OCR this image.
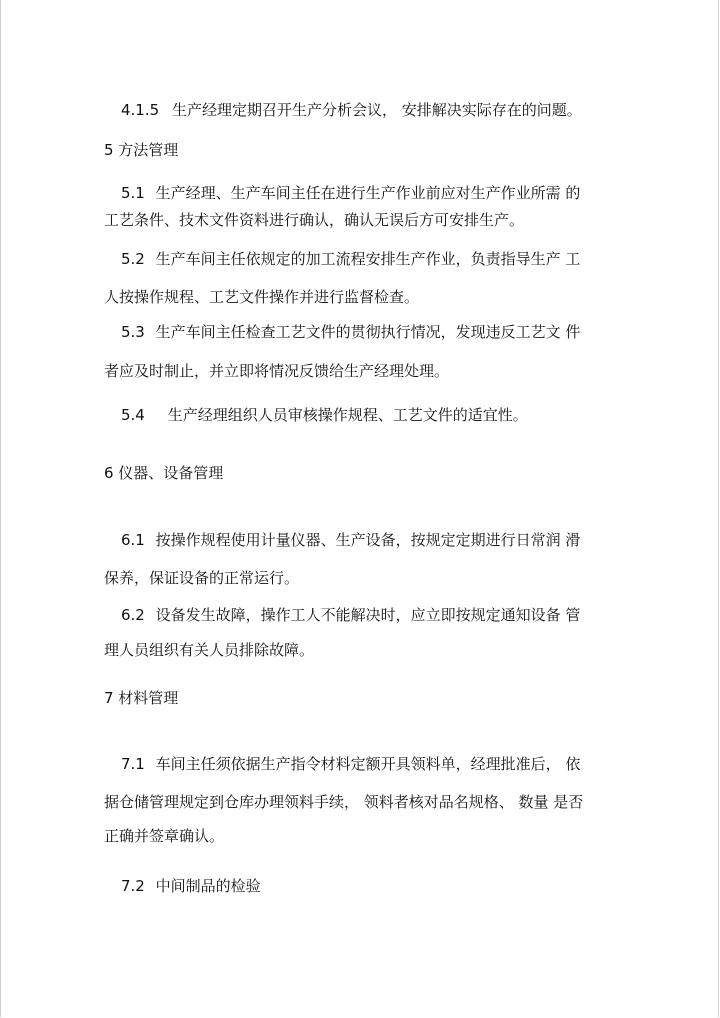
4.1.5 生产经理定期召开生产分析会议， 安排解决实际存在的问题。
5 方法管理
5.1 生产经理、生产车间主任在进行生产作业前应对生产作业所需 的
工艺条件、技术文件资料进行确认，确认无误后方可安排生产。
5.2 生产车间主任依规定的加工流程安排生产作业，负责指导生产 工
人按操作规程、工艺文件操作并进行监督检查。
5.3 生产车间主任检查工艺文件的贯彻执行情况，发现违反工艺文 件
者应及时制止，并立即将情况反馈给生产经理处理。
5.4 生产经理组织人员审核操作规程、工艺文件的适宜性。
6 仪器、设备管理
6.1 按操作规程使用计量仪器、生产设备，按规定定期进行日常润 滑
保养，保证设备的正常运行。
6.2 设备发生故障，操作工人不能解决时，应立即按规定通知设备 管
理人员组织有关人员排除故障。
7 材料管理
7.1 车间主任须依据生产指令材料定额开具领料单，经理批准后， 依
据仓储管理规定到仓库办理领料手续， 领料者核对品名规格、 数量 是否
正确并签章确认。
7.2 中间制品的检验
